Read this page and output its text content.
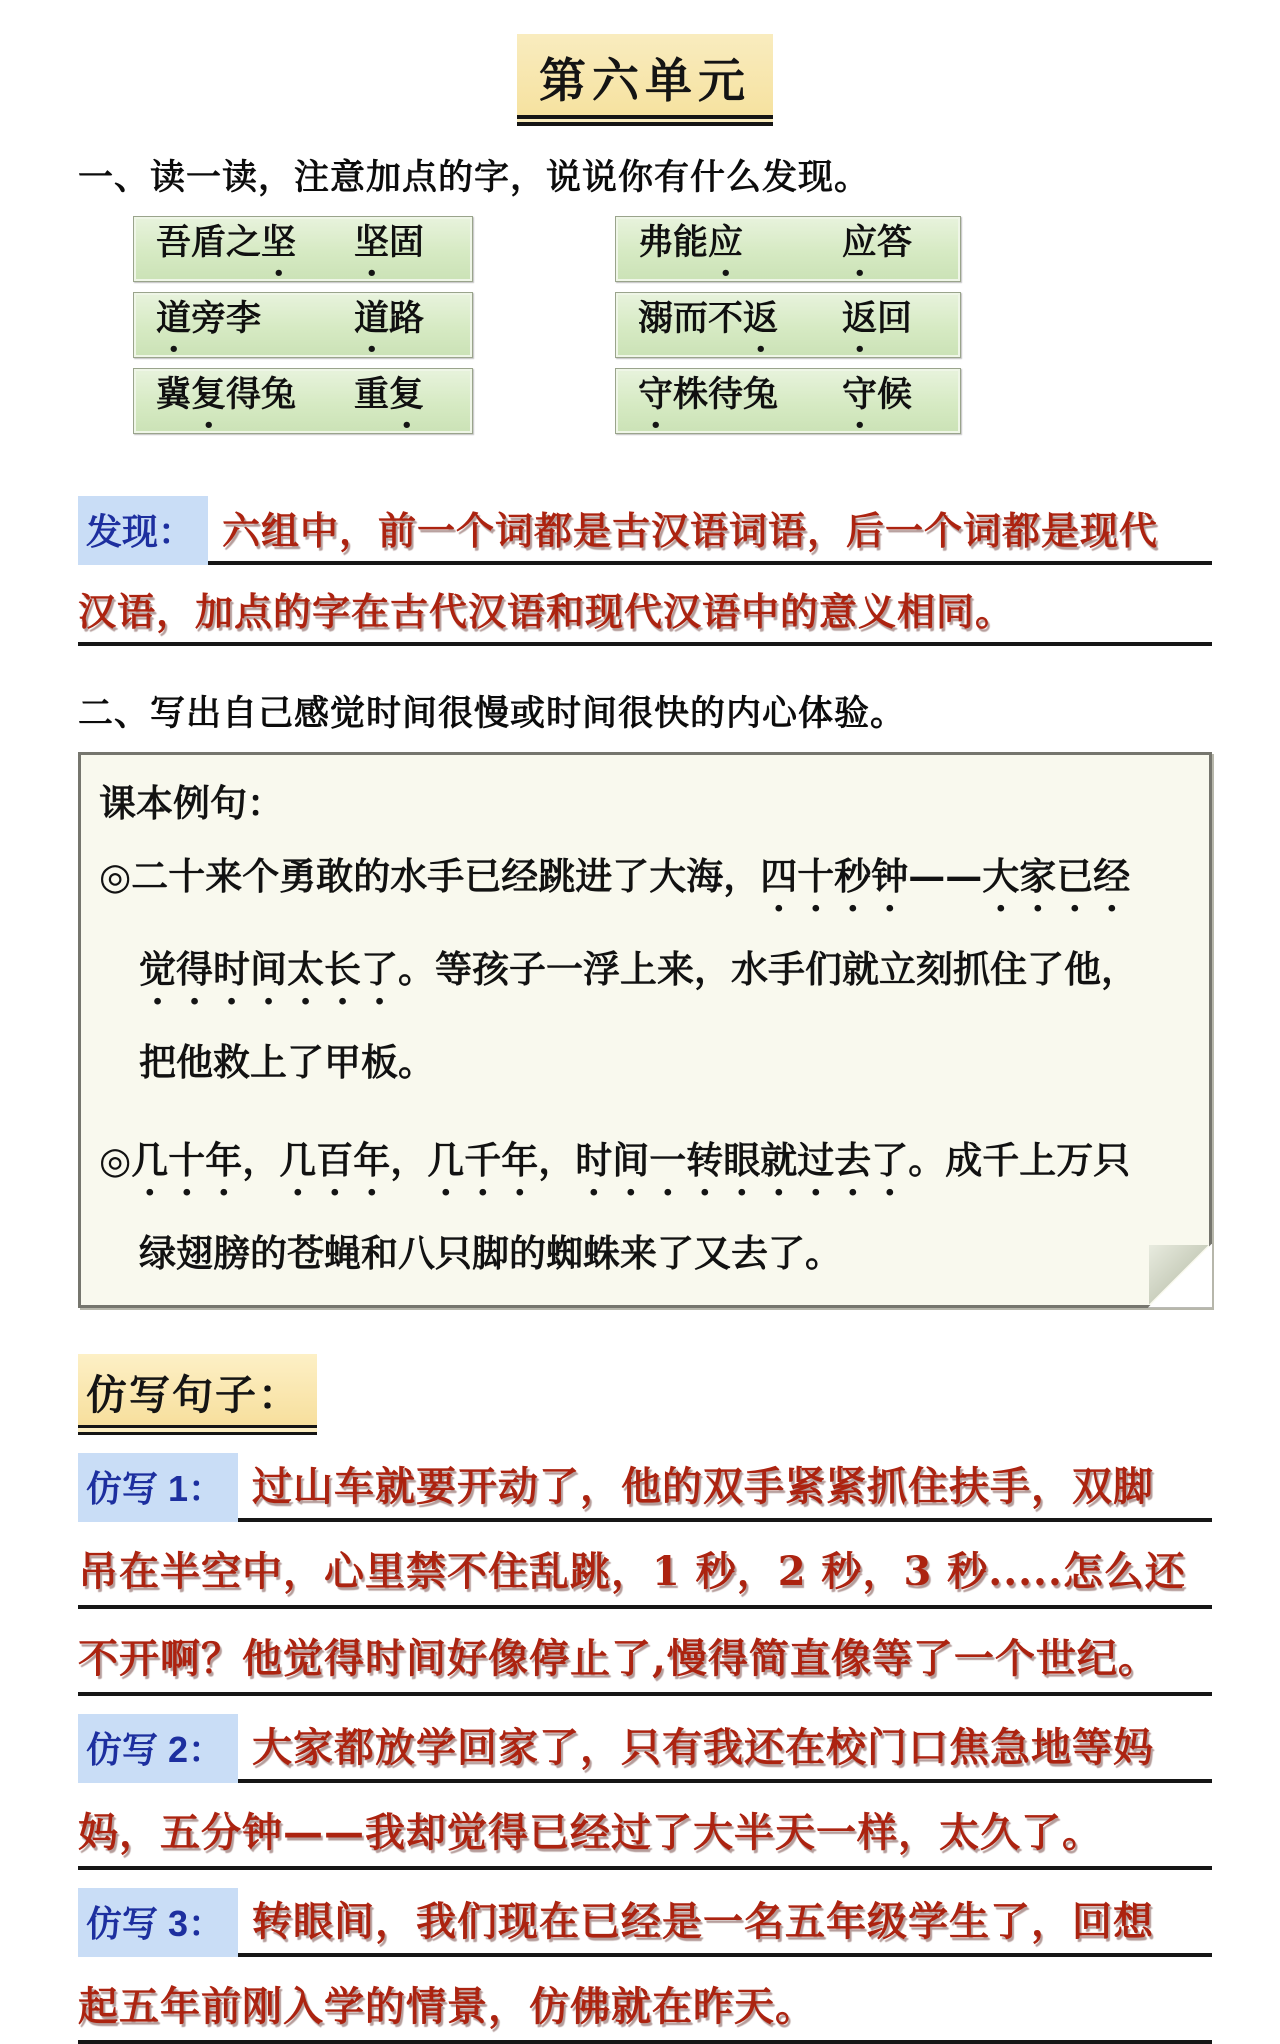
第六单元
一、读一读，注意加点的字，说说你有什么发现。
吾盾之坚 坚固	弗能应	应答
道旁李	道路	溺而不返 返回
冀复得兔 重复	守株待兔 守候
发现： 六组中，前一个词都是古汉语词语，后一个词都是现代
汉语，加点的字在古代汉语和现代汉语中的意义相同。
二、写出自己感觉时间很慢或时间很快的内心体验。
课本例句：
◎二十来个勇敢的水手已经跳进了大海，四十秒钟——大家已经
觉得时间太长了。等孩子一浮上来，水手们就立刻抓住了他，
把他救上了甲板。
◎几十年，几百年，几千年，时间一转眼就过去了。成千上万只
绿翅膀的苍蝇和八只脚的蜘蛛来了又去了。
仿写句子：
仿写 1： 过山车就要开动了，他的双手紧紧抓住扶手，双脚
吊在半空中，心里禁不住乱跳，1 秒，2 秒，3 秒.....怎么还
不开啊？他觉得时间好像停止了,慢得简直像等了一个世纪。
仿写 2： 大家都放学回家了，只有我还在校门口焦急地等妈
妈，五分钟——我却觉得已经过了大半天一样，太久了。
仿写 3： 转眼间，我们现在已经是一名五年级学生了，回想
起五年前刚入学的情景，仿佛就在昨天。
